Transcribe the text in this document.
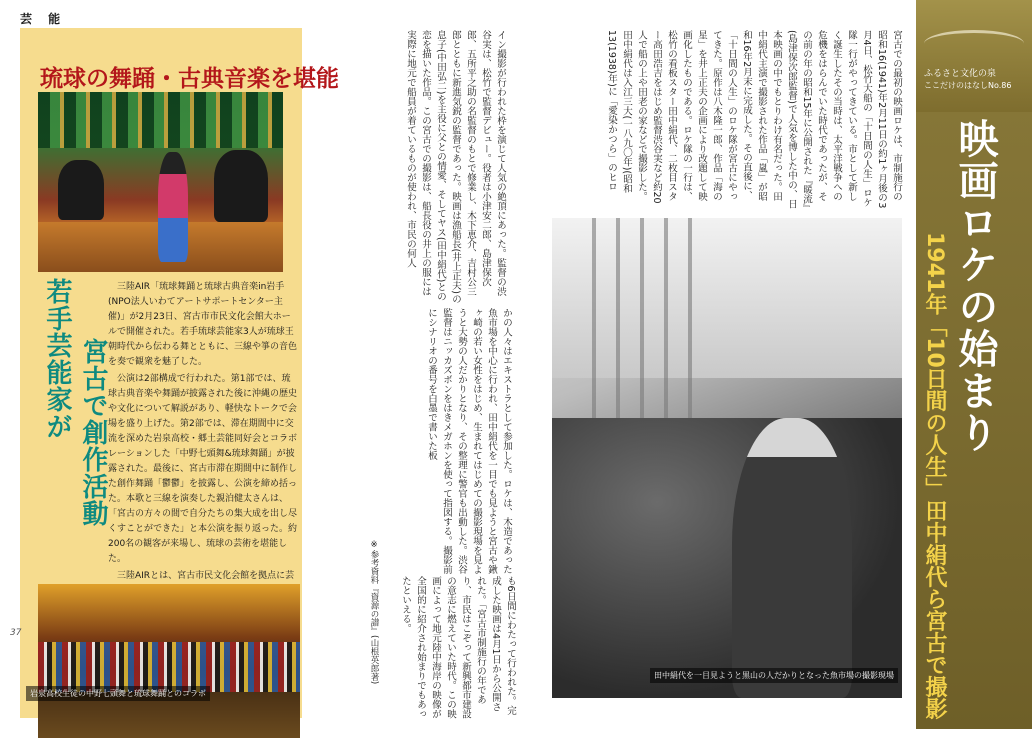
芸 能
琉球の舞踊・古典音楽を堪能
若手芸能家が 宮古で創作活動

三陸AIR「琉球舞踊と琉球古典音楽in岩手(NPO法人いわてアートサポートセンター主催)」が2月23日、宮古市市民文化会館大ホールで開催された。若手琉球芸能家3人が琉球王朝時代から伝わる舞とともに、三線や箏の音色を奏で観衆を魅了した。

公演は2部構成で行われた。第1部では、琉球古典音楽や舞踊が披露された後に沖縄の歴史や文化について解説があり、軽快なトークで会場を盛り上げた。第2部では、滞在期間中に交流を深めた岩泉高校・郷土芸能同好会とコラボレーションした「中野七頭舞&琉球舞踊」が披露された。最後に、宮古市滞在期間中に制作した創作舞踊「鬱鬱」を披露し、公演を締め括った。本歌と三線を演奏した親泊健太さんは、「宮古の方々の間で自分たちの集大成を出し尽くすことができた」と本公演を振り返った。約200名の観客が来場し、琉球の芸術を堪能した。

三陸AIRとは、宮古市民文化会館を拠点に芸

岩泉高校生徒の中野七頭舞と琉球舞踊とのコラボ
37
イン撮影が行われた枠を演じて人気の絶頂にあった。監督の渋谷実は、松竹で監督デビュー。役者は小津安二郎、島津保次郎、五所平之助の名監督のもとで修業し、木下恵介、吉村公三郎とともに新進気鋭の監督であった。映画は漁船長(井上正夫)の息子(中田弘二)を主役に父との情愛、そしてヤス(田中絹代)との恋を描いた作品。この宮古での撮影は、船長役の井上の服には実際に地元で船員が着ているものが使われ、市民の何人
かの人々はエキストラとして参加した。ロケは、木造であった魚市場を中心に行われ、田中絹代を一目でも見ようと宮古や鍬ヶ崎の若い女性をはじめ、生まれてはじめての撮影現場を見ようと大勢の人だかりとなり、その整理に警官も出動した。渋谷監督はニッカズボンをはきメガホンを使って指図する。撮影前にシナリオの番号を白墨で書いた板
も6日間にわたって行われた。完成した映画は4月1日から公開された。「宮古市制施行の年であり、市民はこぞって新興都市建設の意志に燃えていた時代。この映画によって地元陸中海岸の映像が全国的に紹介され始まりでもあったといえる。
※参考資料『資源の譜』(山根英郎著)
宮古での最初の映画ロケは、市制施行の昭和16(1941)年2月11日の約1ヶ月後の3月4日、松竹大船の「十日間の人生」ロケ隊一行がやってきている。市として新しく誕生したその当時は、太平洋戦争への危機をはらんでいた時代であったが、その前の年の昭和15年に公開された『暖流』(島津保次郎監督)で人気を博した中の、日本映画の中でもとりわけ有名だった。田中絹代主演で撮影された作品「嵐」が昭和16年2月末に完成した。その直後に、「十日間の人生」のロケ隊が宮古にやってきた。原作は八木隆一郎、作品「海の星」を井上正夫の企画により改題して映画化したものである。ロケ隊の一行は、松竹の看板スター田中絹代、二枚目スター高田浩吉をはじめ監督渋谷実など約20人で船の上や田老の家などで撮影した。田中絹代は入江三大(一八九〇年)(昭和13(1938)年)に「愛染かつら」のヒロ
田中絹代を一目見ようと黒山の人だかりとなった魚市場の撮影現場
ふるさと文化の泉
ここだけのはなしNo.86
映画ロケの始まり
1941年「10日間の人生」田中絹代ら宮古で撮影
